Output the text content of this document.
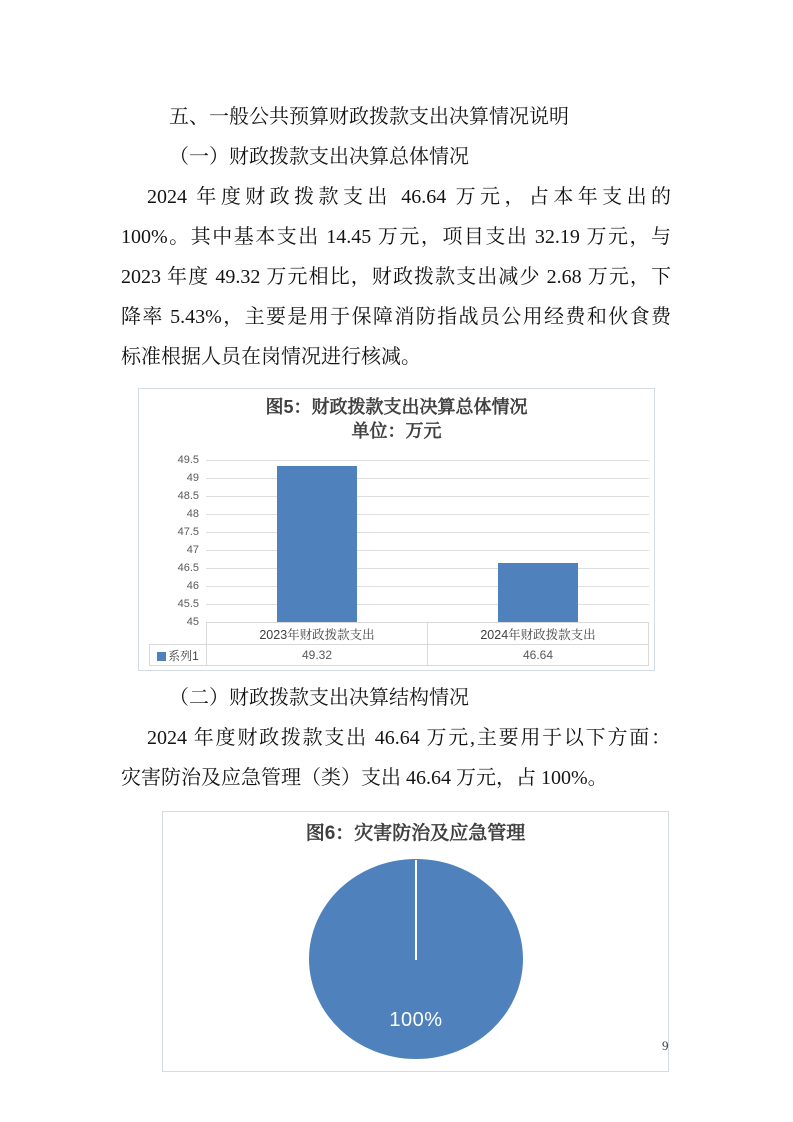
五、一般公共预算财政拨款支出决算情况说明
（一）财政拨款支出决算总体情况
2024 年度财政拨款支出 46.64 万元，占本年支出的
100%。其中基本支出 14.45 万元，项目支出 32.19 万元，与
2023 年度 49.32 万元相比，财政拨款支出减少 2.68 万元，下
降率 5.43%，主要是用于保障消防指战员公用经费和伙食费
标准根据人员在岗情况进行核减。
图5：财政拨款支出决算总体情况
单位：万元
49.5
49
48.5
48
47.5
47
46.5
46
45.5
45
	2023年财政拨款支出	2024年财政拨款支出
系列1	49.32	46.64
（二）财政拨款支出决算结构情况
2024 年度财政拨款支出 46.64 万元,主要用于以下方面：
灾害防治及应急管理（类）支出 46.64 万元，占 100%。
图6：灾害防治及应急管理
100%
9
